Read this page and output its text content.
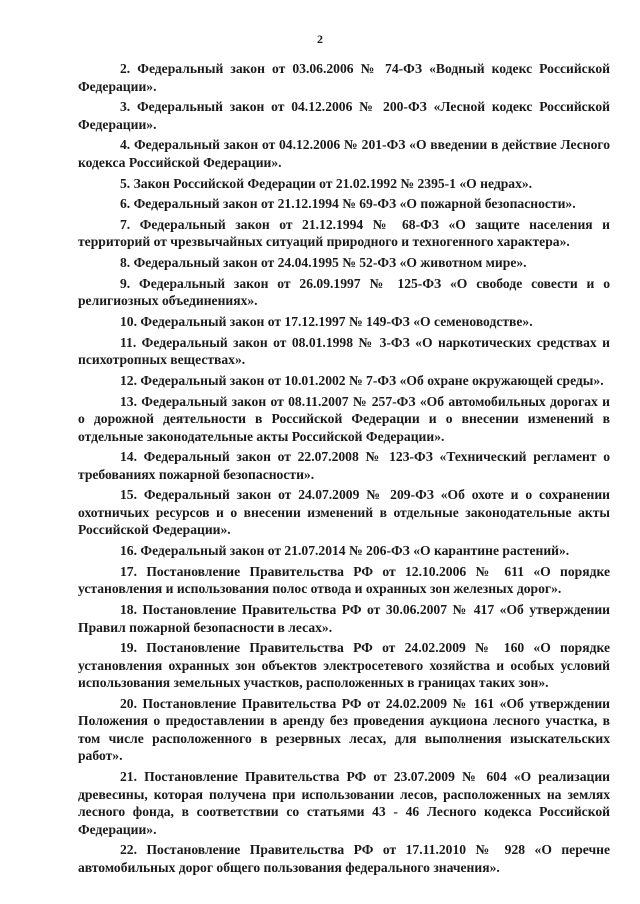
2

2. Федеральный закон от 03.06.2006 № 74-ФЗ «Водный кодекс Российской Федерации».

3. Федеральный закон от 04.12.2006 № 200-ФЗ «Лесной кодекс Российской Федерации».

4. Федеральный закон от 04.12.2006 № 201-ФЗ «О введении в действие Лесного кодекса Российской Федерации».

5. Закон Российской Федерации от 21.02.1992 № 2395-1 «О недрах».

6. Федеральный закон от 21.12.1994 № 69-ФЗ «О пожарной безопасности».

7. Федеральный закон от 21.12.1994 № 68-ФЗ «О защите населения и территорий от чрезвычайных ситуаций природного и техногенного характера».

8. Федеральный закон от 24.04.1995 № 52-ФЗ «О животном мире».

9. Федеральный закон от 26.09.1997 № 125-ФЗ «О свободе совести и о религиозных объединениях».

10. Федеральный закон от 17.12.1997 № 149-ФЗ «О семеноводстве».

11. Федеральный закон от 08.01.1998 № 3-ФЗ «О наркотических средствах и психотропных веществах».

12. Федеральный закон от 10.01.2002 № 7-ФЗ «Об охране окружающей среды».

13. Федеральный закон от 08.11.2007 № 257-ФЗ «Об автомобильных дорогах и о дорожной деятельности в Российской Федерации и о внесении изменений в отдельные законодательные акты Российской Федерации».

14. Федеральный закон от 22.07.2008 № 123-ФЗ «Технический регламент о требованиях пожарной безопасности».

15. Федеральный закон от 24.07.2009 № 209-ФЗ «Об охоте и о сохранении охотничьих ресурсов и о внесении изменений в отдельные законодательные акты Российской Федерации».

16. Федеральный закон от 21.07.2014 № 206-ФЗ «О карантине растений».

17. Постановление Правительства РФ от 12.10.2006 № 611 «О порядке установления и использования полос отвода и охранных зон железных дорог».

18. Постановление Правительства РФ от 30.06.2007 № 417 «Об утверждении Правил пожарной безопасности в лесах».

19. Постановление Правительства РФ от 24.02.2009 № 160 «О порядке установления охранных зон объектов электросетевого хозяйства и особых условий использования земельных участков, расположенных в границах таких зон».

20. Постановление Правительства РФ от 24.02.2009 № 161 «Об утверждении Положения о предоставлении в аренду без проведения аукциона лесного участка, в том числе расположенного в резервных лесах, для выполнения изыскательских работ».

21. Постановление Правительства РФ от 23.07.2009 № 604 «О реализации древесины, которая получена при использовании лесов, расположенных на землях лесного фонда, в соответствии со статьями 43 - 46 Лесного кодекса Российской Федерации».

22. Постановление Правительства РФ от 17.11.2010 № 928 «О перечне автомобильных дорог общего пользования федерального значения».
